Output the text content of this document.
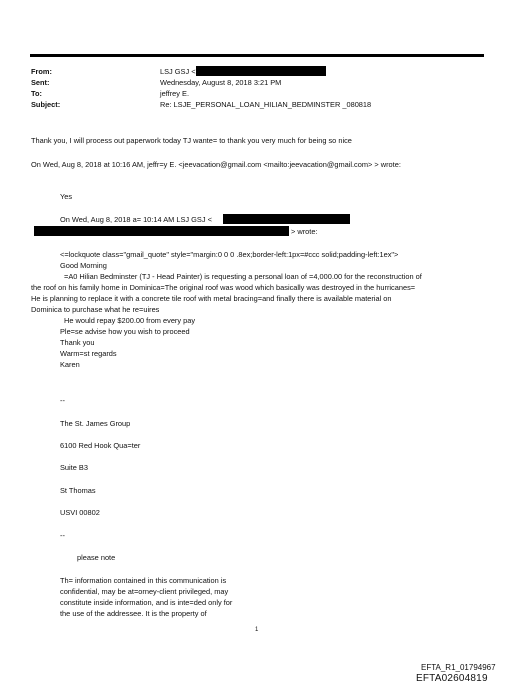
From:
Sent:
To:
Subject:
LSJ GSJ <
Wednesday, August 8, 2018 3:21 PM
jeffrey E.
Re: LSJE_PERSONAL_LOAN_HILIAN_BEDMINSTER _080818
Thank you, I will process out paperwork today TJ wante= to thank you very much for being so nice
On Wed, Aug 8, 2018 at 10:16 AM, jeffr=y E. <jeevacation@gmail.com <mailto:jeevacation@gmail.com> > wrote:
Yes
On Wed, Aug 8, 2018 a= 10:14 AM LSJ GSJ <
> wrote:
<=lockquote class="gmail_quote" style="margin:0 0 0 .8ex;border-left:1px=#ccc solid;padding-left:1ex">
Good Morning
=A0 Hilian Bedminster (TJ - Head Painter) is requesting a personal loan of =4,000.00 for the reconstruction of
the roof on his family home in Dominica=The original roof was wood which basically was destroyed in the hurricanes=
He is planning to replace it with a concrete tile roof with metal bracing=and finally there is available material on
Dominica to purchase what he re=uires
He would repay $200.00 from every pay
Ple=se advise how you wish to proceed
Thank you
Warm=st regards
Karen
--
The St. James Group
6100 Red Hook Qua=ter
Suite B3
St Thomas
USVI 00802
--
please note
Th= information contained in this communication is
confidential, may be at=orney-client privileged, may
constitute inside information, and is inte=ded only for
the use of the addressee. It is the property of
1
EFTA_R1_01794967
EFTA02604819
